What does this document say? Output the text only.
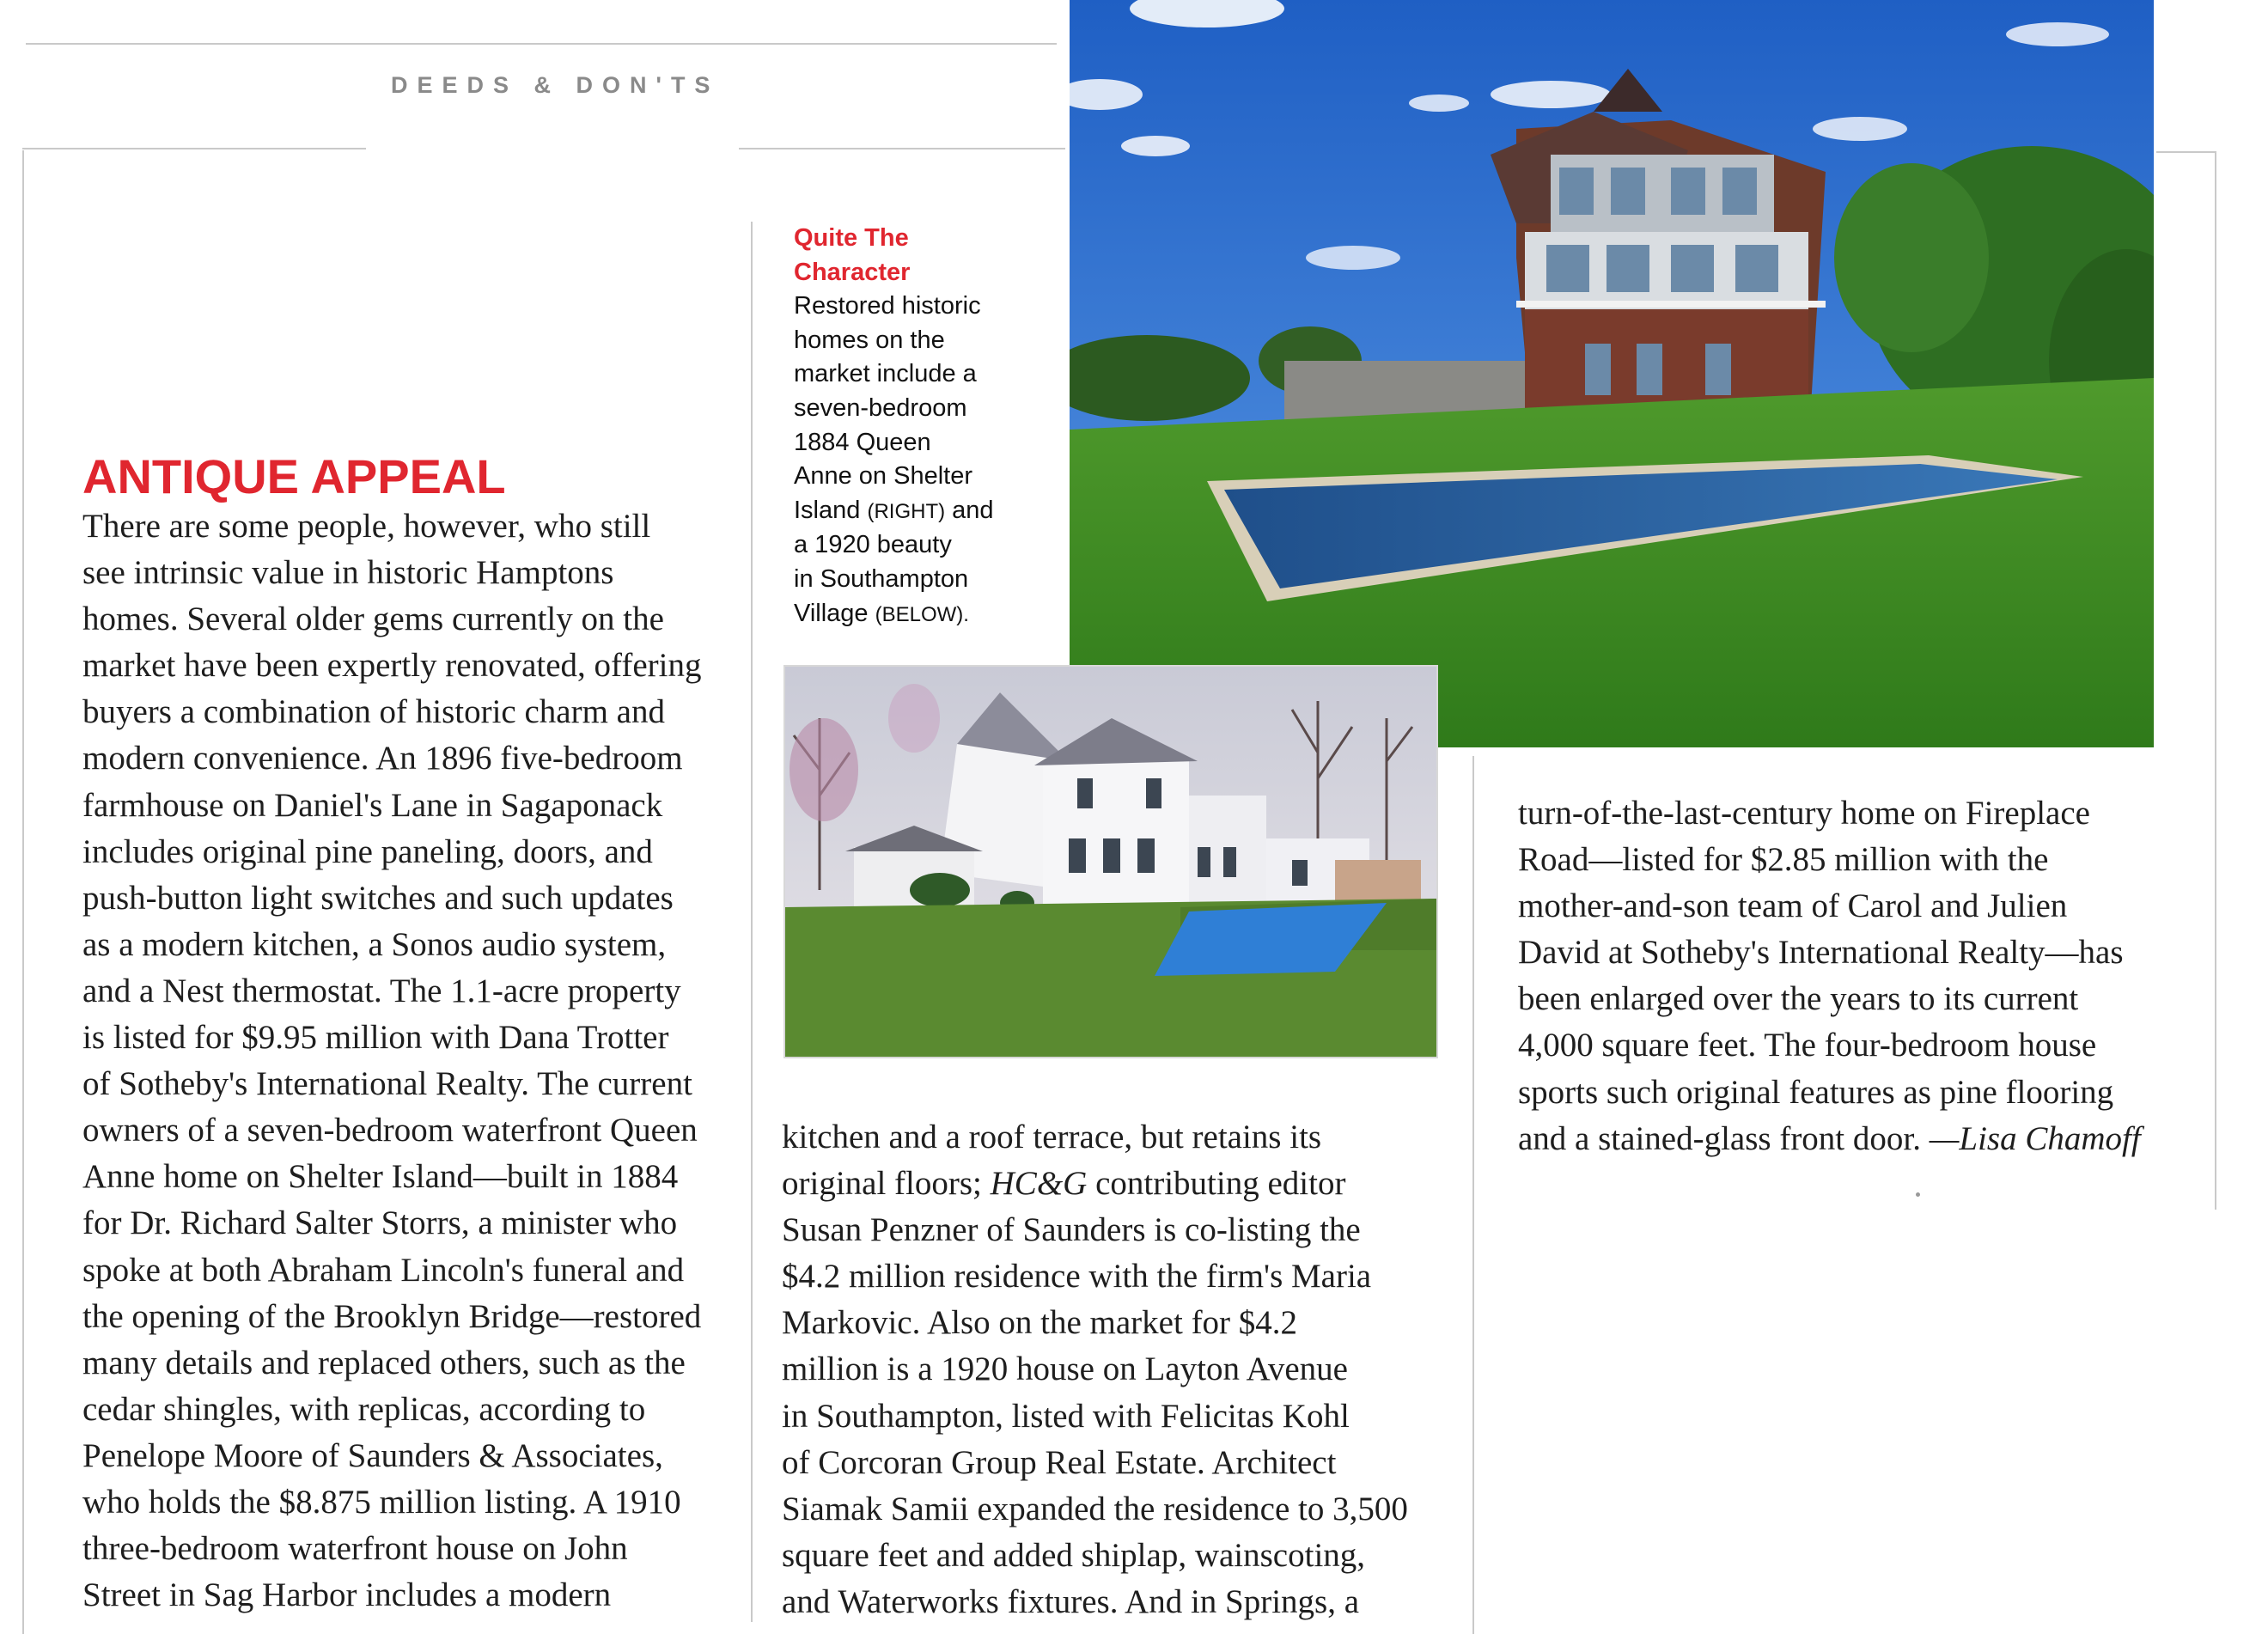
DEEDS & DON'TS
ANTIQUE APPEAL
Quite The
Character
Restored historic
homes on the
market include a
seven-bedroom
1884 Queen
Anne on Shelter
Island (RIGHT) and
a 1920 beauty
in Southampton
Village (BELOW).
There are some people, however, who still
see intrinsic value in historic Hamptons
homes. Several older gems currently on the
market have been expertly renovated, offering
buyers a combination of historic charm and
modern convenience. An 1896 five-bedroom
farmhouse on Daniel's Lane in Sagaponack
includes original pine paneling, doors, and
push-button light switches and such updates
as a modern kitchen, a Sonos audio system,
and a Nest thermostat. The 1.1-acre property
is listed for $9.95 million with Dana Trotter
of Sotheby's International Realty. The current
owners of a seven-bedroom waterfront Queen
Anne home on Shelter Island—built in 1884
for Dr. Richard Salter Storrs, a minister who
spoke at both Abraham Lincoln's funeral and
the opening of the Brooklyn Bridge—restored
many details and replaced others, such as the
cedar shingles, with replicas, according to
Penelope Moore of Saunders & Associates,
who holds the $8.875 million listing. A 1910
three-bedroom waterfront house on John
Street in Sag Harbor includes a modern
kitchen and a roof terrace, but retains its
original floors; HC&G contributing editor
Susan Penzner of Saunders is co-listing the
$4.2 million residence with the firm's Maria
Markovic. Also on the market for $4.2
million is a 1920 house on Layton Avenue
in Southampton, listed with Felicitas Kohl
of Corcoran Group Real Estate. Architect
Siamak Samii expanded the residence to 3,500
square feet and added shiplap, wainscoting,
and Waterworks fixtures. And in Springs, a
turn-of-the-last-century home on Fireplace
Road—listed for $2.85 million with the
mother-and-son team of Carol and Julien
David at Sotheby's International Realty—has
been enlarged over the years to its current
4,000 square feet. The four-bedroom house
sports such original features as pine flooring
and a stained-glass front door. —Lisa Chamoff
